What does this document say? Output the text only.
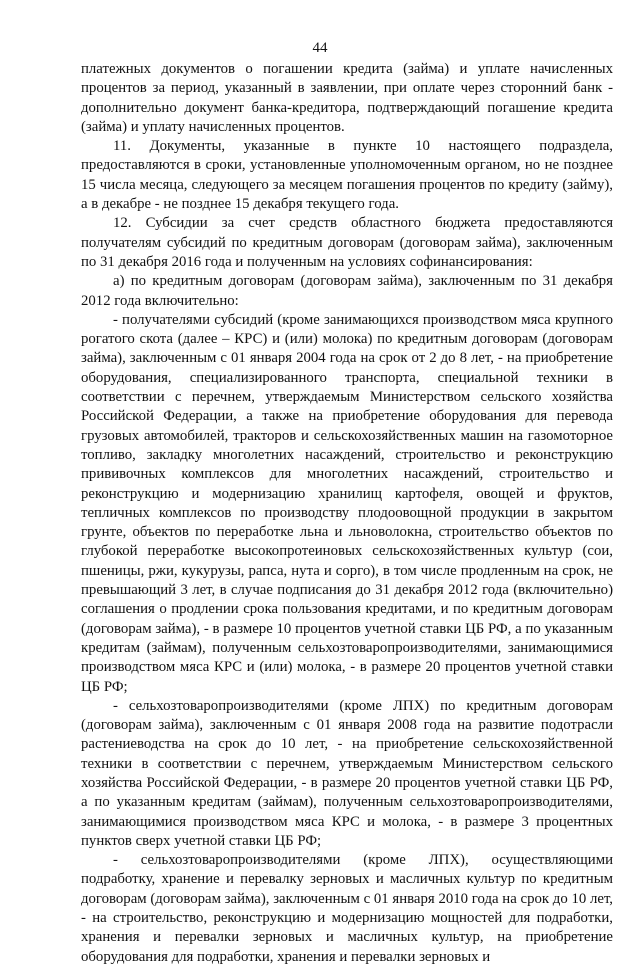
44

платежных документов о погашении кредита (займа) и уплате начисленных процентов за период, указанный в заявлении, при оплате через сторонний банк - дополнительно документ банка-кредитора, подтверждающий погашение кредита (займа) и уплату начисленных процентов.

11. Документы, указанные в пункте 10 настоящего подраздела, предоставляются в сроки, установленные уполномоченным органом, но не позднее 15 числа месяца, следующего за месяцем погашения процентов по кредиту (займу), а в декабре - не позднее 15 декабря текущего года.

12. Субсидии за счет средств областного бюджета предоставляются получателям субсидий по кредитным договорам (договорам займа), заключенным по 31 декабря 2016 года и полученным на условиях софинансирования:

а) по кредитным договорам (договорам займа), заключенным по 31 декабря 2012 года включительно:

- получателями субсидий (кроме занимающихся производством мяса крупного рогатого скота (далее – КРС) и (или) молока) по кредитным договорам (договорам займа), заключенным с 01 января 2004 года на срок от 2 до 8 лет, - на приобретение оборудования, специализированного транспорта, специальной техники в соответствии с перечнем, утверждаемым Министерством сельского хозяйства Российской Федерации, а также на приобретение оборудования для перевода грузовых автомобилей, тракторов и сельскохозяйственных машин на газомоторное топливо, закладку многолетних насаждений, строительство и реконструкцию прививочных комплексов для многолетних насаждений, строительство и реконструкцию и модернизацию хранилищ картофеля, овощей и фруктов, тепличных комплексов по производству плодоовощной продукции в закрытом грунте, объектов по переработке льна и льноволокна, строительство объектов по глубокой переработке высокопротеиновых сельскохозяйственных культур (сои, пшеницы, ржи, кукурузы, рапса, нута и сорго), в том числе продленным на срок, не превышающий 3 лет, в случае подписания до 31 декабря 2012 года (включительно) соглашения о продлении срока пользования кредитами, и по кредитным договорам (договорам займа), - в размере 10 процентов учетной ставки ЦБ РФ, а по указанным кредитам (займам), полученным сельхозтоваропроизводителями, занимающимися производством мяса КРС и (или) молока, - в размере 20 процентов учетной ставки ЦБ РФ;

- сельхозтоваропроизводителями (кроме ЛПХ) по кредитным договорам (договорам займа), заключенным с 01 января 2008 года на развитие подотрасли растениеводства на срок до 10 лет, - на приобретение сельскохозяйственной техники в соответствии с перечнем, утверждаемым Министерством сельского хозяйства Российской Федерации, - в размере 20 процентов учетной ставки ЦБ РФ, а по указанным кредитам (займам), полученным сельхозтоваропроизводителями, занимающимися производством мяса КРС и молока, - в размере 3 процентных пунктов сверх учетной ставки ЦБ РФ;

- сельхозтоваропроизводителями (кроме ЛПХ), осуществляющими подработку, хранение и перевалку зерновых и масличных культур по кредитным договорам (договорам займа), заключенным с 01 января 2010 года на срок до 10 лет, - на строительство, реконструкцию и модернизацию мощностей для подработки, хранения и перевалки зерновых и масличных культур, на приобретение оборудования для подработки, хранения и перевалки зерновых и
